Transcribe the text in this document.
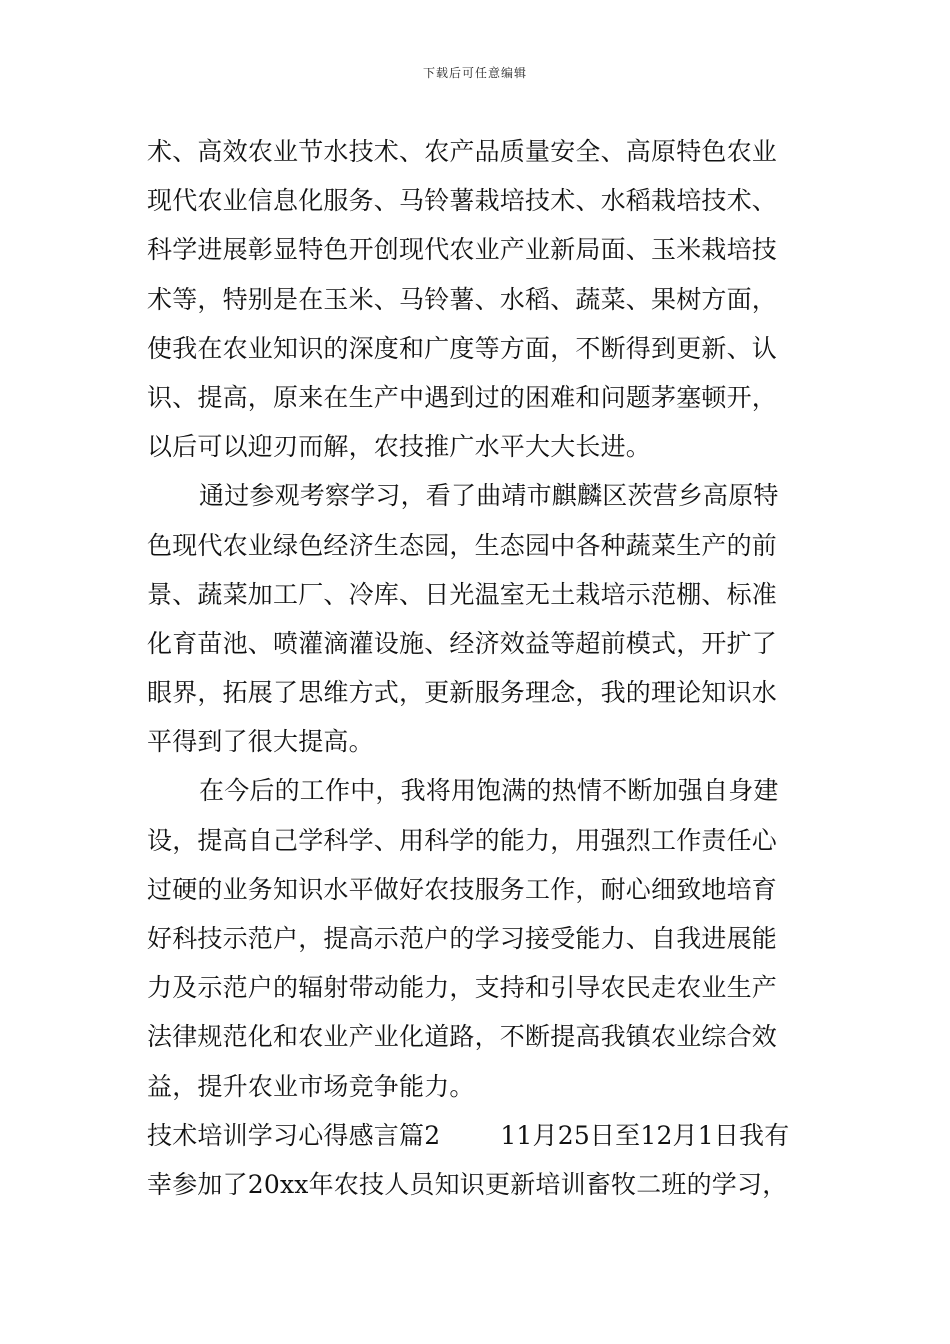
下载后可任意编辑
术、高效农业节水技术、农产品质量安全、高原特色农业
现代农业信息化服务、马铃薯栽培技术、水稻栽培技术、
科学进展彰显特色开创现代农业产业新局面、玉米栽培技
术等，特别是在玉米、马铃薯、水稻、蔬菜、果树方面，
使我在农业知识的深度和广度等方面，不断得到更新、认
识、提高，原来在生产中遇到过的困难和问题茅塞顿开，
以后可以迎刃而解，农技推广水平大大长进。
通过参观考察学习，看了曲靖市麒麟区茨营乡高原特
色现代农业绿色经济生态园，生态园中各种蔬菜生产的前
景、蔬菜加工厂、冷库、日光温室无土栽培示范棚、标准
化育苗池、喷灌滴灌设施、经济效益等超前模式，开扩了
眼界，拓展了思维方式，更新服务理念，我的理论知识水
平得到了很大提高。
在今后的工作中，我将用饱满的热情不断加强自身建
设，提高自己学科学、用科学的能力，用强烈工作责任心
过硬的业务知识水平做好农技服务工作，耐心细致地培育
好科技示范户，提高示范户的学习接受能力、自我进展能
力及示范户的辐射带动能力，支持和引导农民走农业生产
法律规范化和农业产业化道路，不断提高我镇农业综合效
益，提升农业市场竞争能力。
技术培训学习心得感言篇2 11月25日至12月1日我有
幸参加了20xx年农技人员知识更新培训畜牧二班的学习，
